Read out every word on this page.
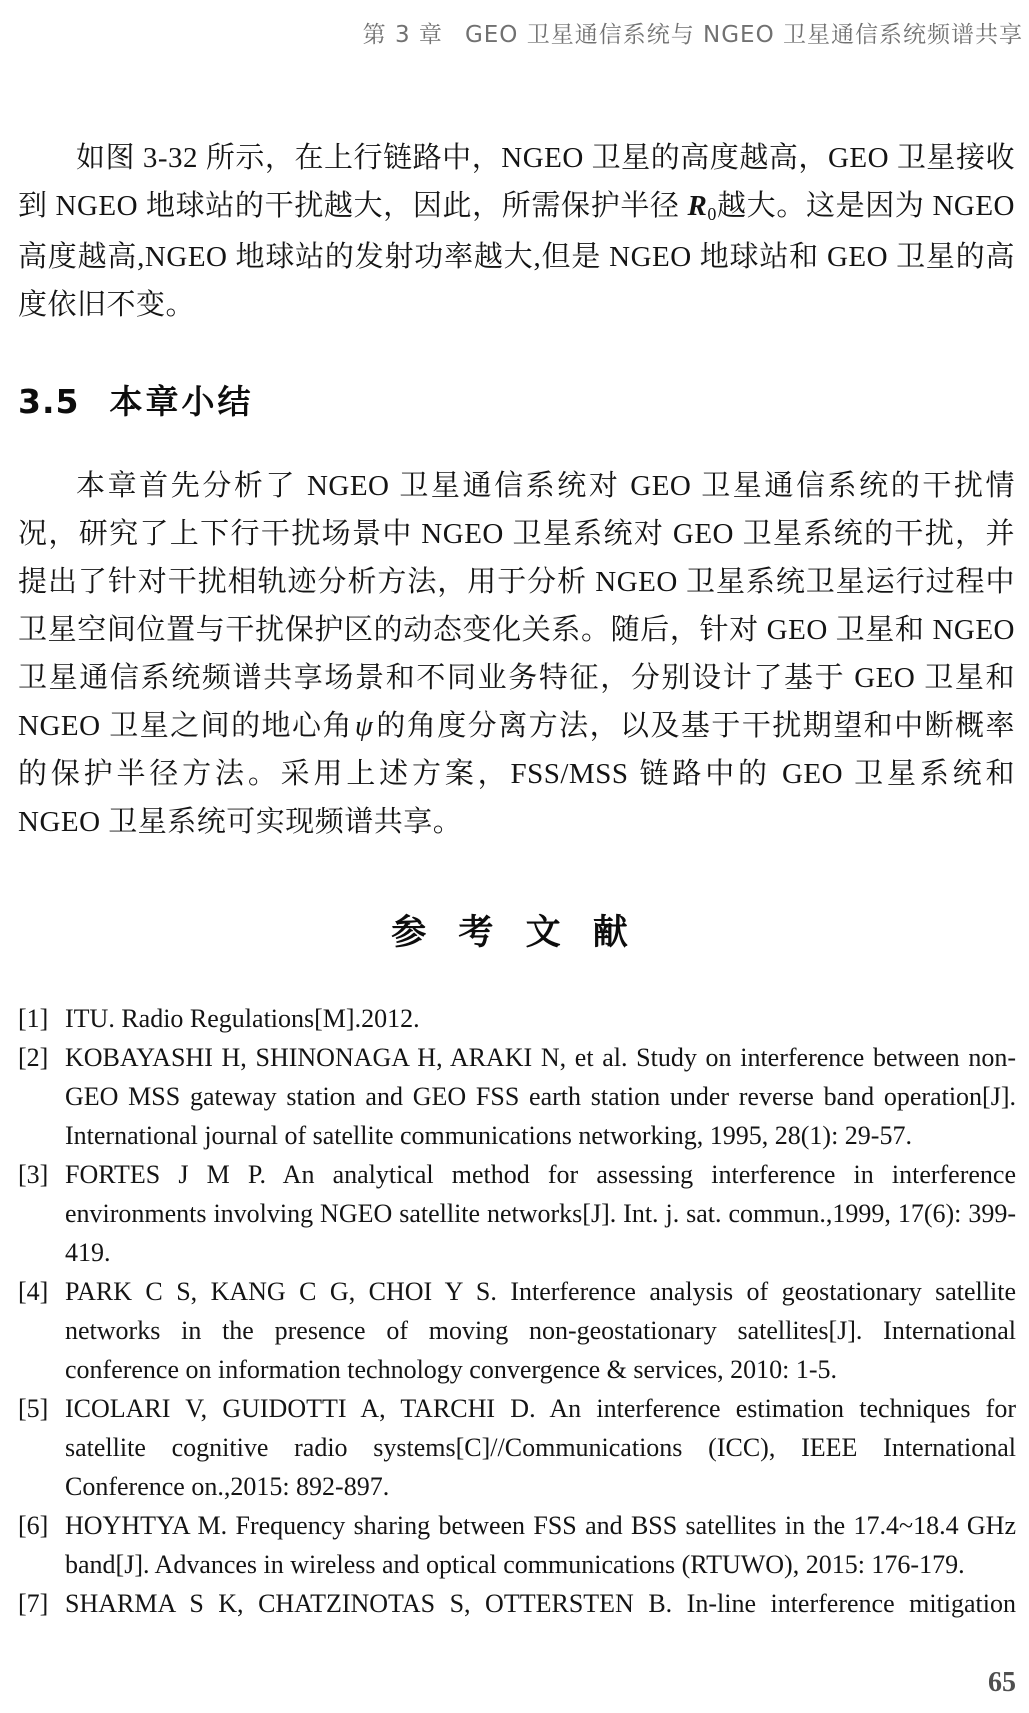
第 3 章 GEO 卫星通信系统与 NGEO 卫星通信系统频谱共享

如图 3-32 所示，在上行链路中，NGEO 卫星的高度越高，GEO 卫星接收到 NGEO 地球站的干扰越大，因此，所需保护半径 $R_0$越大。这是因为 NGEO 高度越高,NGEO 地球站的发射功率越大,但是 NGEO 地球站和 GEO 卫星的高度依旧不变。

3.5 本章小结

本章首先分析了 NGEO 卫星通信系统对 GEO 卫星通信系统的干扰情况，研究了上下行干扰场景中 NGEO 卫星系统对 GEO 卫星系统的干扰，并提出了针对干扰相轨迹分析方法，用于分析 NGEO 卫星系统卫星运行过程中卫星空间位置与干扰保护区的动态变化关系。随后，针对 GEO 卫星和 NGEO 卫星通信系统频谱共享场景和不同业务特征，分别设计了基于 GEO 卫星和 NGEO 卫星之间的地心角ψ的角度分离方法，以及基于干扰期望和中断概率的保护半径方法。采用上述方案，FSS/MSS 链路中的 GEO 卫星系统和 NGEO 卫星系统可实现频谱共享。

参 考 文 献
[1] ITU. Radio Regulations[M].2012.
[2] KOBAYASHI H, SHINONAGA H, ARAKI N, et al. Study on interference between non-GEO MSS gateway station and GEO FSS earth station under reverse band operation[J]. International journal of satellite communications networking, 1995, 28(1): 29-57.
[3] FORTES J M P. An analytical method for assessing interference in interference environments involving NGEO satellite networks[J]. Int. j. sat. commun.,1999, 17(6): 399-419.
[4] PARK C S, KANG C G, CHOI Y S. Interference analysis of geostationary satellite networks in the presence of moving non-geostationary satellites[J]. International conference on information technology convergence & services, 2010: 1-5.
[5] ICOLARI V, GUIDOTTI A, TARCHI D. An interference estimation techniques for satellite cognitive radio systems[C]//Communications (ICC), IEEE International Conference on.,2015: 892-897.
[6] HOYHTYA M. Frequency sharing between FSS and BSS satellites in the 17.4~18.4 GHz band[J]. Advances in wireless and optical communications (RTUWO), 2015: 176-179.
[7] SHARMA S K, CHATZINOTAS S, OTTERSTEN B. In-line interference mitigation
65
